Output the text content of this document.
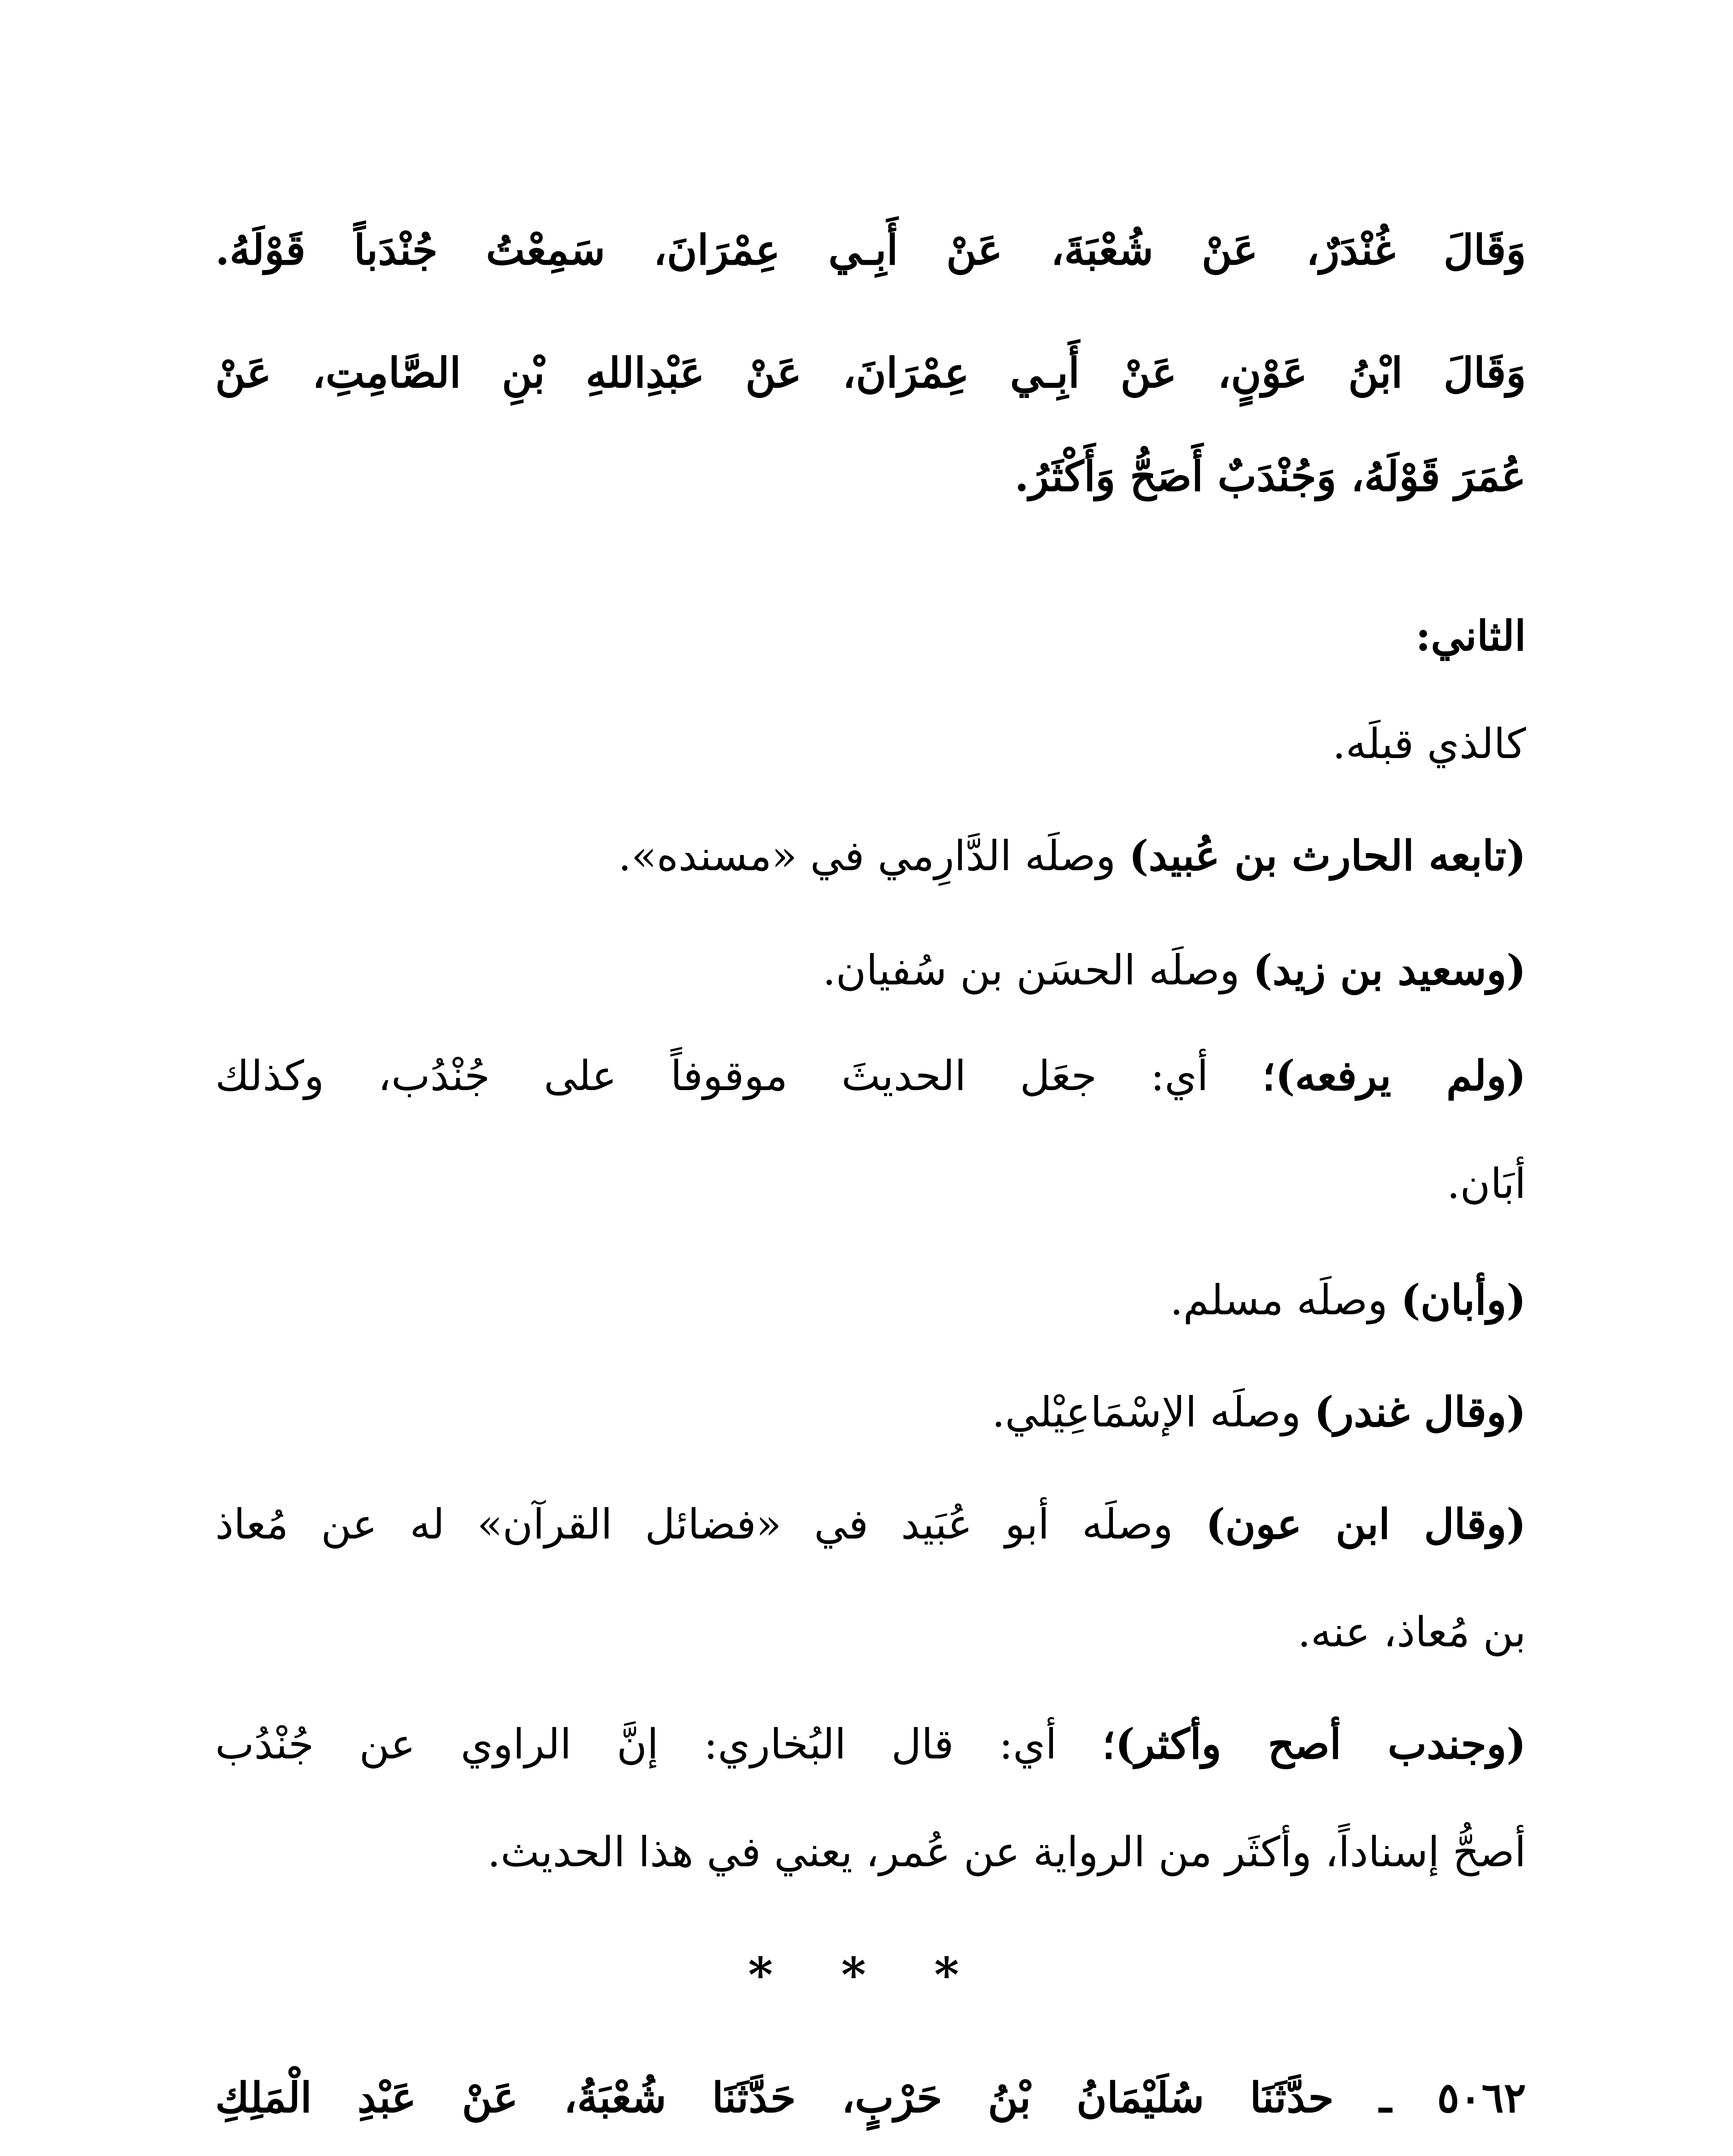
وَقَالَ غُنْدَرٌ، عَنْ شُعْبَةَ، عَنْ أَبِـي عِمْرَانَ، سَمِعْتُ جُنْدَباً قَوْلَهُ.
وَقَالَ ابْنُ عَوْنٍ، عَنْ أَبِـي عِمْرَانَ، عَنْ عَبْدِاللهِ بْنِ الصَّامِتِ، عَنْ
عُمَرَ قَوْلَهُ، وَجُنْدَبٌ أَصَحُّ وَأَكْثَرُ.
الثاني:
كالذي قبلَه.
(تابعه الحارث بن عُبيد) وصلَه الدَّارِمي في «مسنده».
(وسعيد بن زيد) وصلَه الحسَن بن سُفيان.
(ولم يرفعه)؛ أي: جعَل الحديثَ موقوفاً على جُنْدُب، وكذلك
أبَان.
(وأبان) وصلَه مسلم.
(وقال غندر) وصلَه الإسْمَاعِيْلي.
(وقال ابن عون) وصلَه أبو عُبَيد في «فضائل القرآن» له عن مُعاذ
بن مُعاذ، عنه.
(وجندب أصح وأكثر)؛ أي: قال البُخاري: إنَّ الراوي عن جُنْدُب
أصحُّ إسناداً، وأكثَر من الرواية عن عُمر، يعني في هذا الحديث.
* * *
٥٠٦٢ ـ حدَّثَنَا سُلَيْمَانُ بْنُ حَرْبٍ، حَدَّثَنَا شُعْبَةُ، عَنْ عَبْدِ الْمَلِكِ
